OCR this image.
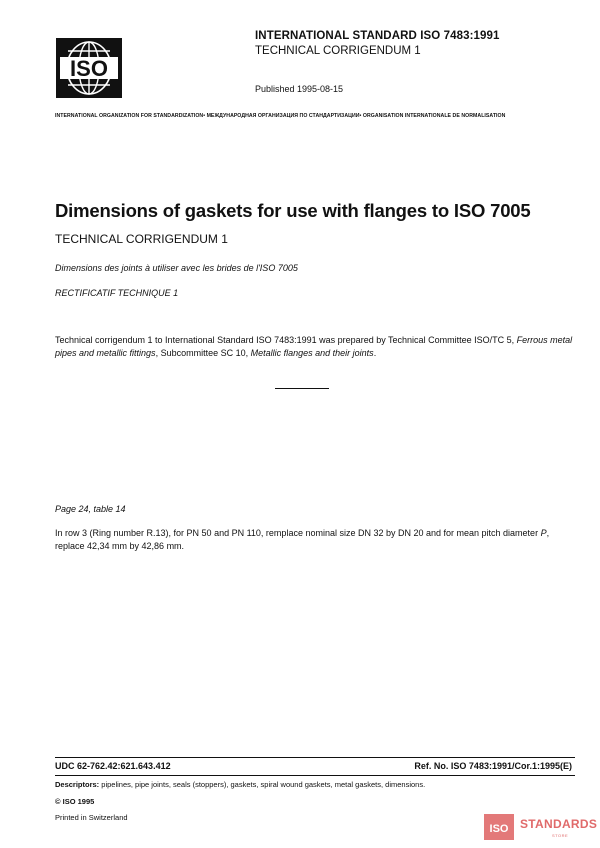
ISO
INTERNATIONAL STANDARD ISO 7483:1991
TECHNICAL CORRIGENDUM 1
Published 1995-08-15
INTERNATIONAL ORGANIZATION FOR STANDARDIZATION• МЕЖДУНАРОДНАЯ ОРГАНИЗАЦИЯ ПО СТАНДАРТИЗАЦИИ• ORGANISATION INTERNATIONALE DE NORMALISATION
Dimensions of gaskets for use with flanges to ISO 7005
TECHNICAL CORRIGENDUM 1
Dimensions des joints à utiliser avec les brides de l'ISO 7005
RECTIFICATIF TECHNIQUE 1
Technical corrigendum 1 to International Standard ISO 7483:1991 was prepared by Technical Committee ISO/TC 5, Ferrous metal pipes and metallic fittings, Subcommittee SC 10, Metallic flanges and their joints.
Page 24, table 14
In row 3 (Ring number R.13), for PN 50 and PN 110, remplace nominal size DN 32 by DN 20 and for mean pitch diameter P, replace 42,34 mm by 42,86 mm.
UDC 62-762.42:621.643.412	Ref. No. ISO 7483:1991/Cor.1:1995(E)
Descriptors: pipelines, pipe joints, seals (stoppers), gaskets, spiral wound gaskets, metal gaskets, dimensions.
© ISO 1995
Printed in Switzerland
ISO STANDARDS
STORE
